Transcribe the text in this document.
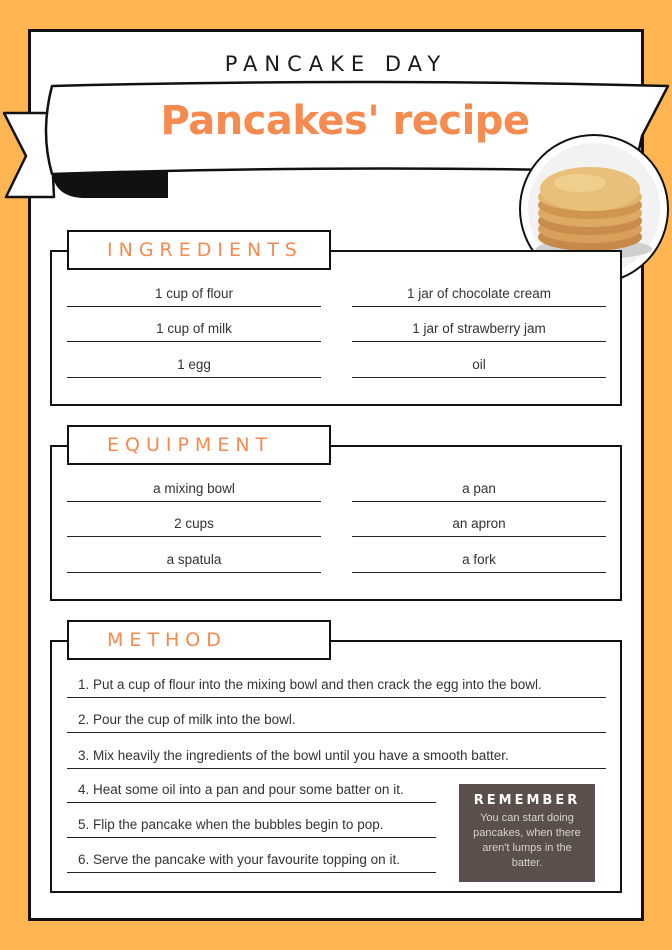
PANCAKE DAY
Pancakes' recipe
INGREDIENTS
1 cup of flour
1 cup of milk
1 egg
1 jar of chocolate cream
1 jar of strawberry jam
oil
EQUIPMENT
a mixing bowl
2 cups
a spatula
a pan
an apron
a fork
METHOD
1. Put a cup of flour into the mixing bowl and then crack the egg into the bowl.
2. Pour the cup of milk into the bowl.
3. Mix heavily the ingredients of the bowl until you have a smooth batter.
4. Heat some oil into a pan and pour some batter on it.
5. Flip the pancake when the bubbles begin to pop.
6. Serve the pancake with your favourite topping on it.
REMEMBER
You can start doing pancakes, when there aren't lumps in the batter.
